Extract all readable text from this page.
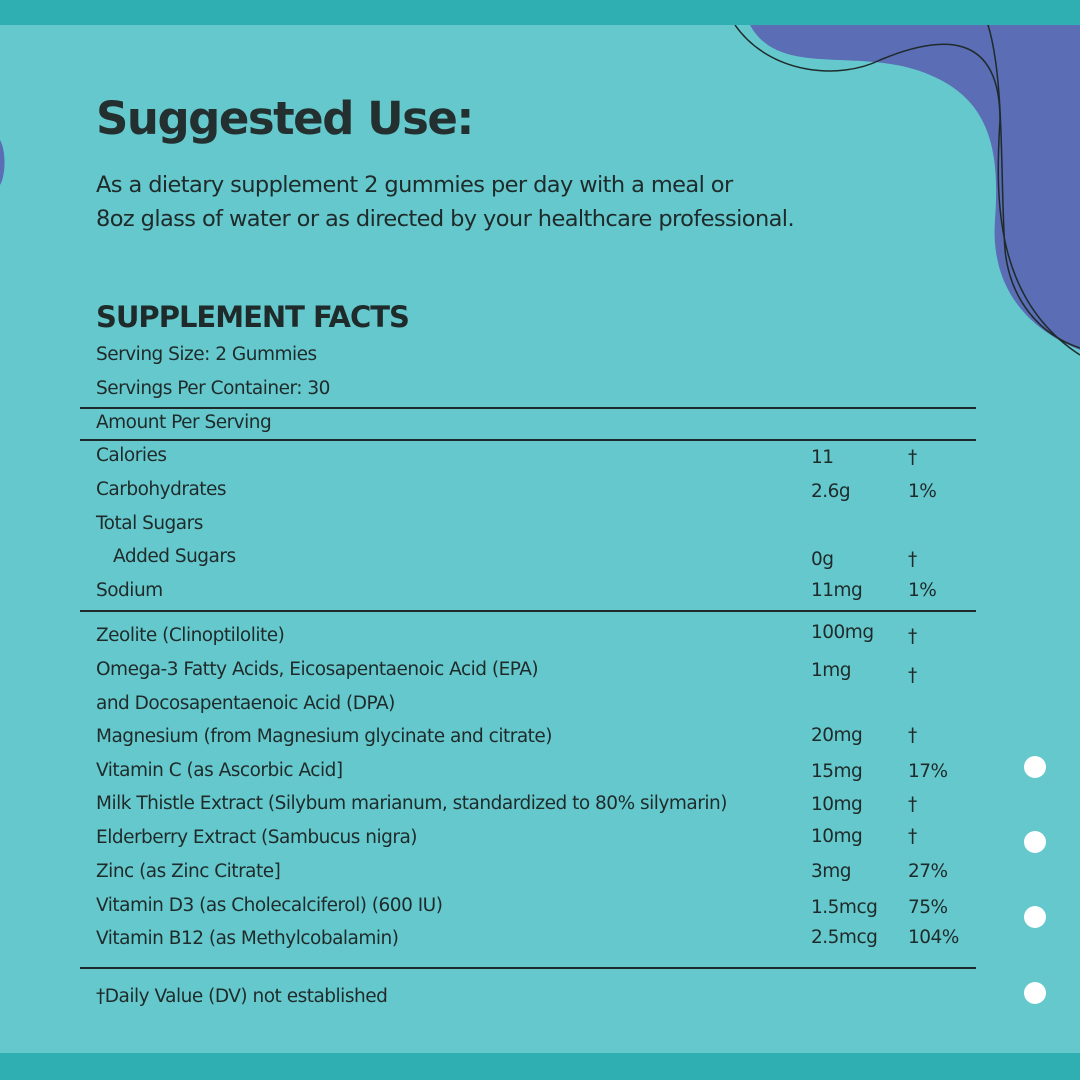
Suggested Use:

As a dietary supplement 2 gummies per day with a meal or
8oz glass of water or as directed by your healthcare professional.

SUPPLEMENT FACTS
Serving Size: 2 Gummies
Servings Per Container: 30
Amount Per Serving
Calories	11	†
Carbohydrates	2.6g	1%
Total Sugars
Added Sugars	0g	†
Sodium	11mg 1%
Zeolite (Clinoptilolite)	100mg †
Omega-3 Fatty Acids, Eicosapentaenoic Acid (EPA)
and Docosapentaenoic Acid (DPA)
1mg	†
Magnesium (from Magnesium glycinate and citrate)	20mg †
Vitamin C (as Ascorbic Acid]	15mg 17%
Milk Thistle Extract (Silybum marianum, standardized to 80% silymarin)	10mg †
Elderberry Extract (Sambucus nigra)	10mg †
Zinc (as Zinc Citrate]	3mg	27%
Vitamin D3 (as Cholecalciferol) (600 IU)	1.5mcg 75%
Vitamin B12 (as Methylcobalamin)	2.5mcg 104%
†Daily Value (DV) not established
